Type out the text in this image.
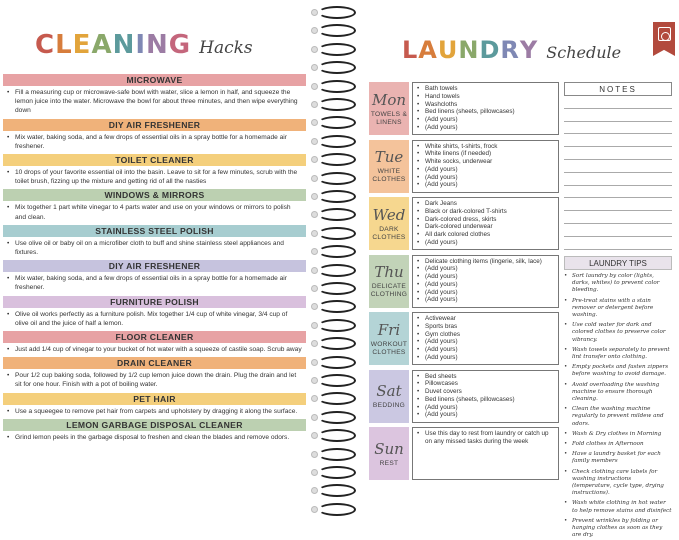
C L E A N I N G Hacks
MICROWAVE
• Fill a measuring cup or microwave-safe bowl with water, slice a lemon in half, and squeeze the lemon juice into the water. Microwave the bowl for about three minutes, and then wipe everything down
DIY AIR FRESHENER
• Mix water, baking soda, and a few drops of essential oils in a spray bottle for a homemade air freshener.
TOILET CLEANER
• 10 drops of your favorite essential oil into the basin. Leave to sit for a few minutes, scrub with the toilet brush, fizzing up the mixture and getting rid of all the nasties
WINDOWS & MIRRORS
• Mix together 1 part white vinegar to 4 parts water and use on your windows or mirrors to polish and clean.
STAINLESS STEEL POLISH
• Use olive oil or baby oil on a microfiber cloth to buff and shine stainless steel appliances and fixtures.
DIY AIR FRESHENER
• Mix water, baking soda, and a few drops of essential oils in a spray bottle for a homemade air freshener.
FURNITURE POLISH
• Olive oil works perfectly as a furniture polish. Mix together 1/4 cup of white vinegar, 3/4 cup of olive oil and the juice of half a lemon.
FLOOR CLEANER
• Just add 1/4 cup of vinegar to your bucket of hot water with a squeeze of castile soap. Scrub away
DRAIN CLEANER
• Pour 1/2 cup baking soda, followed by 1/2 cup lemon juice down the drain. Plug the drain and let sit for one hour. Finish with a pot of boiling water.
PET HAIR
• Use a squeegee to remove pet hair from carpets and upholstery by dragging it along the surface.
LEMON GARBAGE DISPOSAL CLEANER
• Grind lemon peels in the garbage disposal to freshen and clean the blades and remove odors.
L A U N D R Y Schedule
Mon
TOWELS & LINENS
• Bath towels
• Hand towels
• Washcloths
• Bed linens (sheets, pillowcases)
• (Add yours)
• (Add yours)
Tue
WHITE CLOTHES
• White shirts, t-shirts, frock
• White linens (if needed)
• White socks, underwear
• (Add yours)
• (Add yours)
• (Add yours)
Wed
DARK CLOTHES
• Dark Jeans
• Black or dark-colored T-shirts
• Dark-colored dress, skirts
• Dark-colored underwear
• All dark colored clothes
• (Add yours)
Thu
DELICATE CLOTHING
• Delicate clothing items (lingerie, silk, lace)
• (Add yours)
• (Add yours)
• (Add yours)
• (Add yours)
• (Add yours)
Fri
WORKOUT CLOTHES
• Activewear
• Sports bras
• Gym clothes
• (Add yours)
• (Add yours)
• (Add yours)
Sat
BEDDING
• Bed sheets
• Pillowcases
• Duvet covers
• Bed linens (sheets, pillowcases)
• (Add yours)
• (Add yours)
Sun
REST
• Use this day to rest from laundry or catch up on any missed tasks during the week
NOTES
LAUNDRY TIPS
• Sort laundry by color (lights, darks, whites) to prevent color bleeding.
• Pre-treat stains with a stain remover or detergent before washing.
• Use cold water for dark and colored clothes to preserve color vibrancy.
• Wash towels separately to prevent lint transfer onto clothing.
• Empty pockets and fasten zippers before washing to avoid damage.
• Avoid overloading the washing machine to ensure thorough cleaning.
• Clean the washing machine regularly to prevent mildew and odors.
• Wash & Dry clothes in Morning
• Fold clothes in Afternoon
• Have a laundry basket for each family members
• Check clothing care labels for washing instructions (temperature, cycle type, drying instructions).
• Wash white clothing in hot water to help remove stains and disinfect
• Prevent wrinkles by folding or hanging clothes as soon as they are dry.
